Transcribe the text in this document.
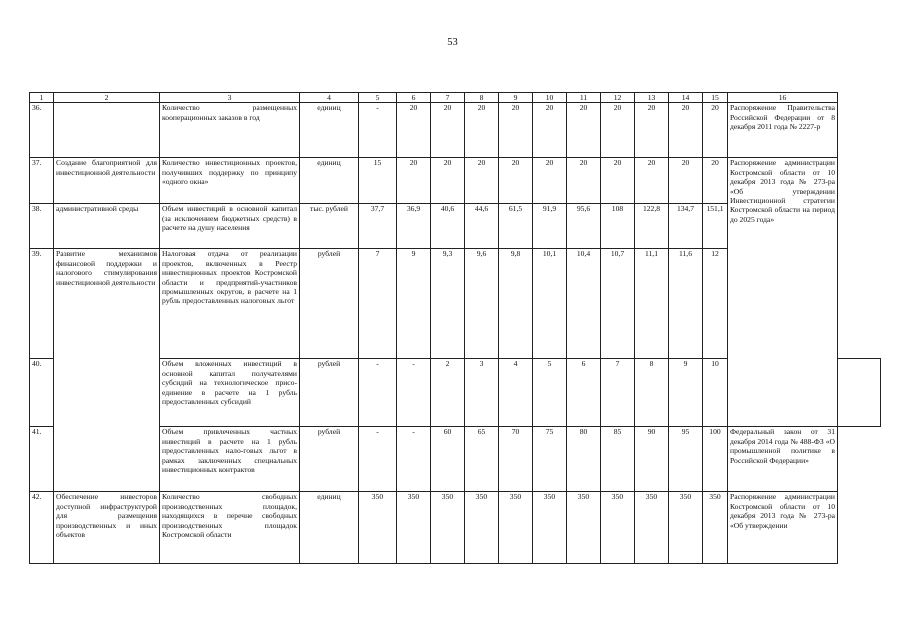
53
1	2	3	4	5	6	7	8	9	10	11	12	13	14	15	16	
36.		Количество размещенных кооперационных заказов в год	единиц	-	20	20	20	20	20	20	20	20	20	20	Распоряжение Правительства Российской Федерации от 8 декабря 2011 года № 2227-р	
37.	Создание благоприятной для инвестиционной деятельности	Количество инвестиционных проектов, получивших поддержку по принципу «одного окна»	единиц	15	20	20	20	20	20	20	20	20	20	20	Распоряжение администрации Костромской области от 10 декабря 2013 года № 273-ра «Об утверждении Инвестиционной стратегии Костромской области на период до 2025 года»	
38.	административной среды	Объем инвестиций в основной капитал (за исключением бюджетных средств) в расчете на душу населения	тыс. рублей	37,7	36,9	40,6	44,6	61,5	91,9	95,6	108	122,8	134,7	151,1		
39.	Развитие механизмов финансовой поддержки и налогового стимулирования инвестиционной деятельности	Налоговая отдача от реализации проектов, включенных в Реестр инвестиционных проектов Костромской области и предприятий-участников промышленных округов, в расчете на 1 рубль предоставленных налоговых льгот	рублей	7	9	9,3	9,6	9,8	10,1	10,4	10,7	11,1	11,6	12		
40.		Объем вложенных инвестиций в основной капитал получателями субсидий на технологическое присо-единение в расчете на 1 рубль предоставленных субсидий	рублей	-	-	2	3	4	5	6	7	8	9	10		
41.		Объем привлеченных частных инвестиций в расчете на 1 рубль предоставленных нало-говых льгот в рамках заключенных специальных инвестиционных контрактов	рублей	-	-	60	65	70	75	80	85	90	95	100	Федеральный закон от 31 декабря 2014 года № 488-ФЗ «О промышленной политике в Российской Федерации»	
42.	Обеспечение инвесторов доступной инфраструктурой для размещения производственных и иных объектов	Количество свободных производственных площадок, находящихся в перечне свободных производственных площадок Костромской области	единиц	350	350	350	350	350	350	350	350	350	350	350	Распоряжение администрации Костромской области от 10 декабря 2013 года № 273-ра «Об утверждении	
